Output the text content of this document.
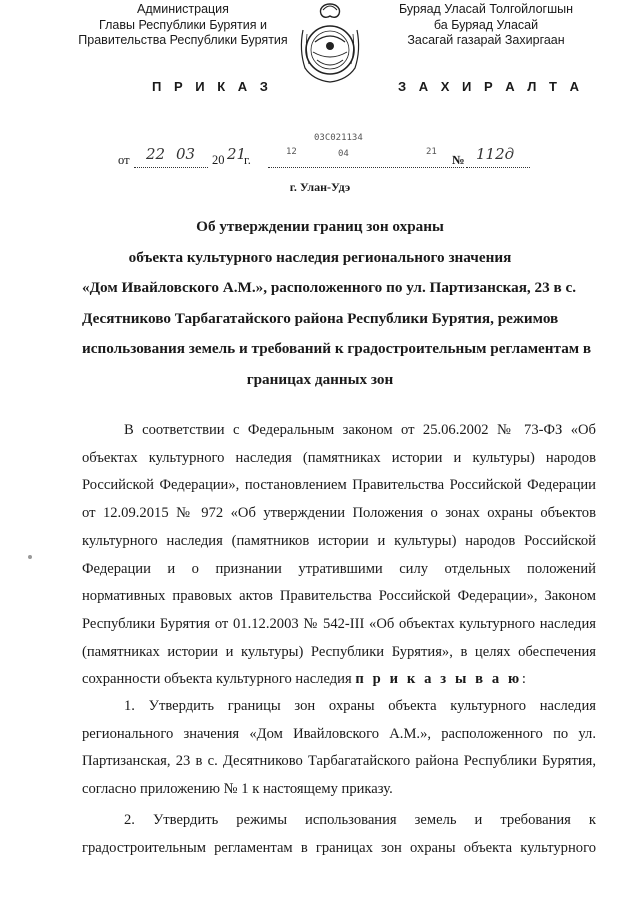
Администрация
Главы Республики Бурятия и
Правительства Республики Бурятия
Буряад Уласай Толгойлогшын
ба Буряад Уласай
Засагай газарай Захиргаан
П Р И К А З	З А Х И Р А Л Т А
от 22 03 20 21
г.
03С021134
12	04	21
№ 112д
г. Улан-Удэ
Об утверждении границ зон охраны
объекта культурного наследия регионального значения
«Дом Ивайловского А.М.», расположенного по ул. Партизанская, 23 в с.
Десятниково Тарбагатайского района Республики Бурятия, режимов
использования земель и требований к градостроительным регламентам в
границах данных зон
В соответствии с Федеральным законом от 25.06.2002 № 73-ФЗ «Об
объектах культурного наследия (памятниках истории и культуры) народов
Российской Федерации», постановлением Правительства Российской Федерации
от 12.09.2015 № 972 «Об утверждении Положения о зонах охраны объектов
культурного наследия (памятников истории и культуры) народов Российской
Федерации и о признании утратившими силу отдельных положений
нормативных правовых актов Правительства Российской Федерации», Законом
Республики Бурятия от 01.12.2003 № 542-III «Об объектах культурного наследия
(памятниках истории и культуры) Республики Бурятия», в целях обеспечения
сохранности объекта культурного наследия п р и к а з ы в а ю:
1. Утвердить границы зон охраны объекта культурного наследия
регионального значения «Дом Ивайловского А.М.», расположенного по ул.
Партизанская, 23 в с. Десятниково Тарбагатайского района Республики Бурятия,
согласно приложению № 1 к настоящему приказу.
2. Утвердить режимы использования земель и требования к
градостроительным регламентам в границах зон охраны объекта культурного
